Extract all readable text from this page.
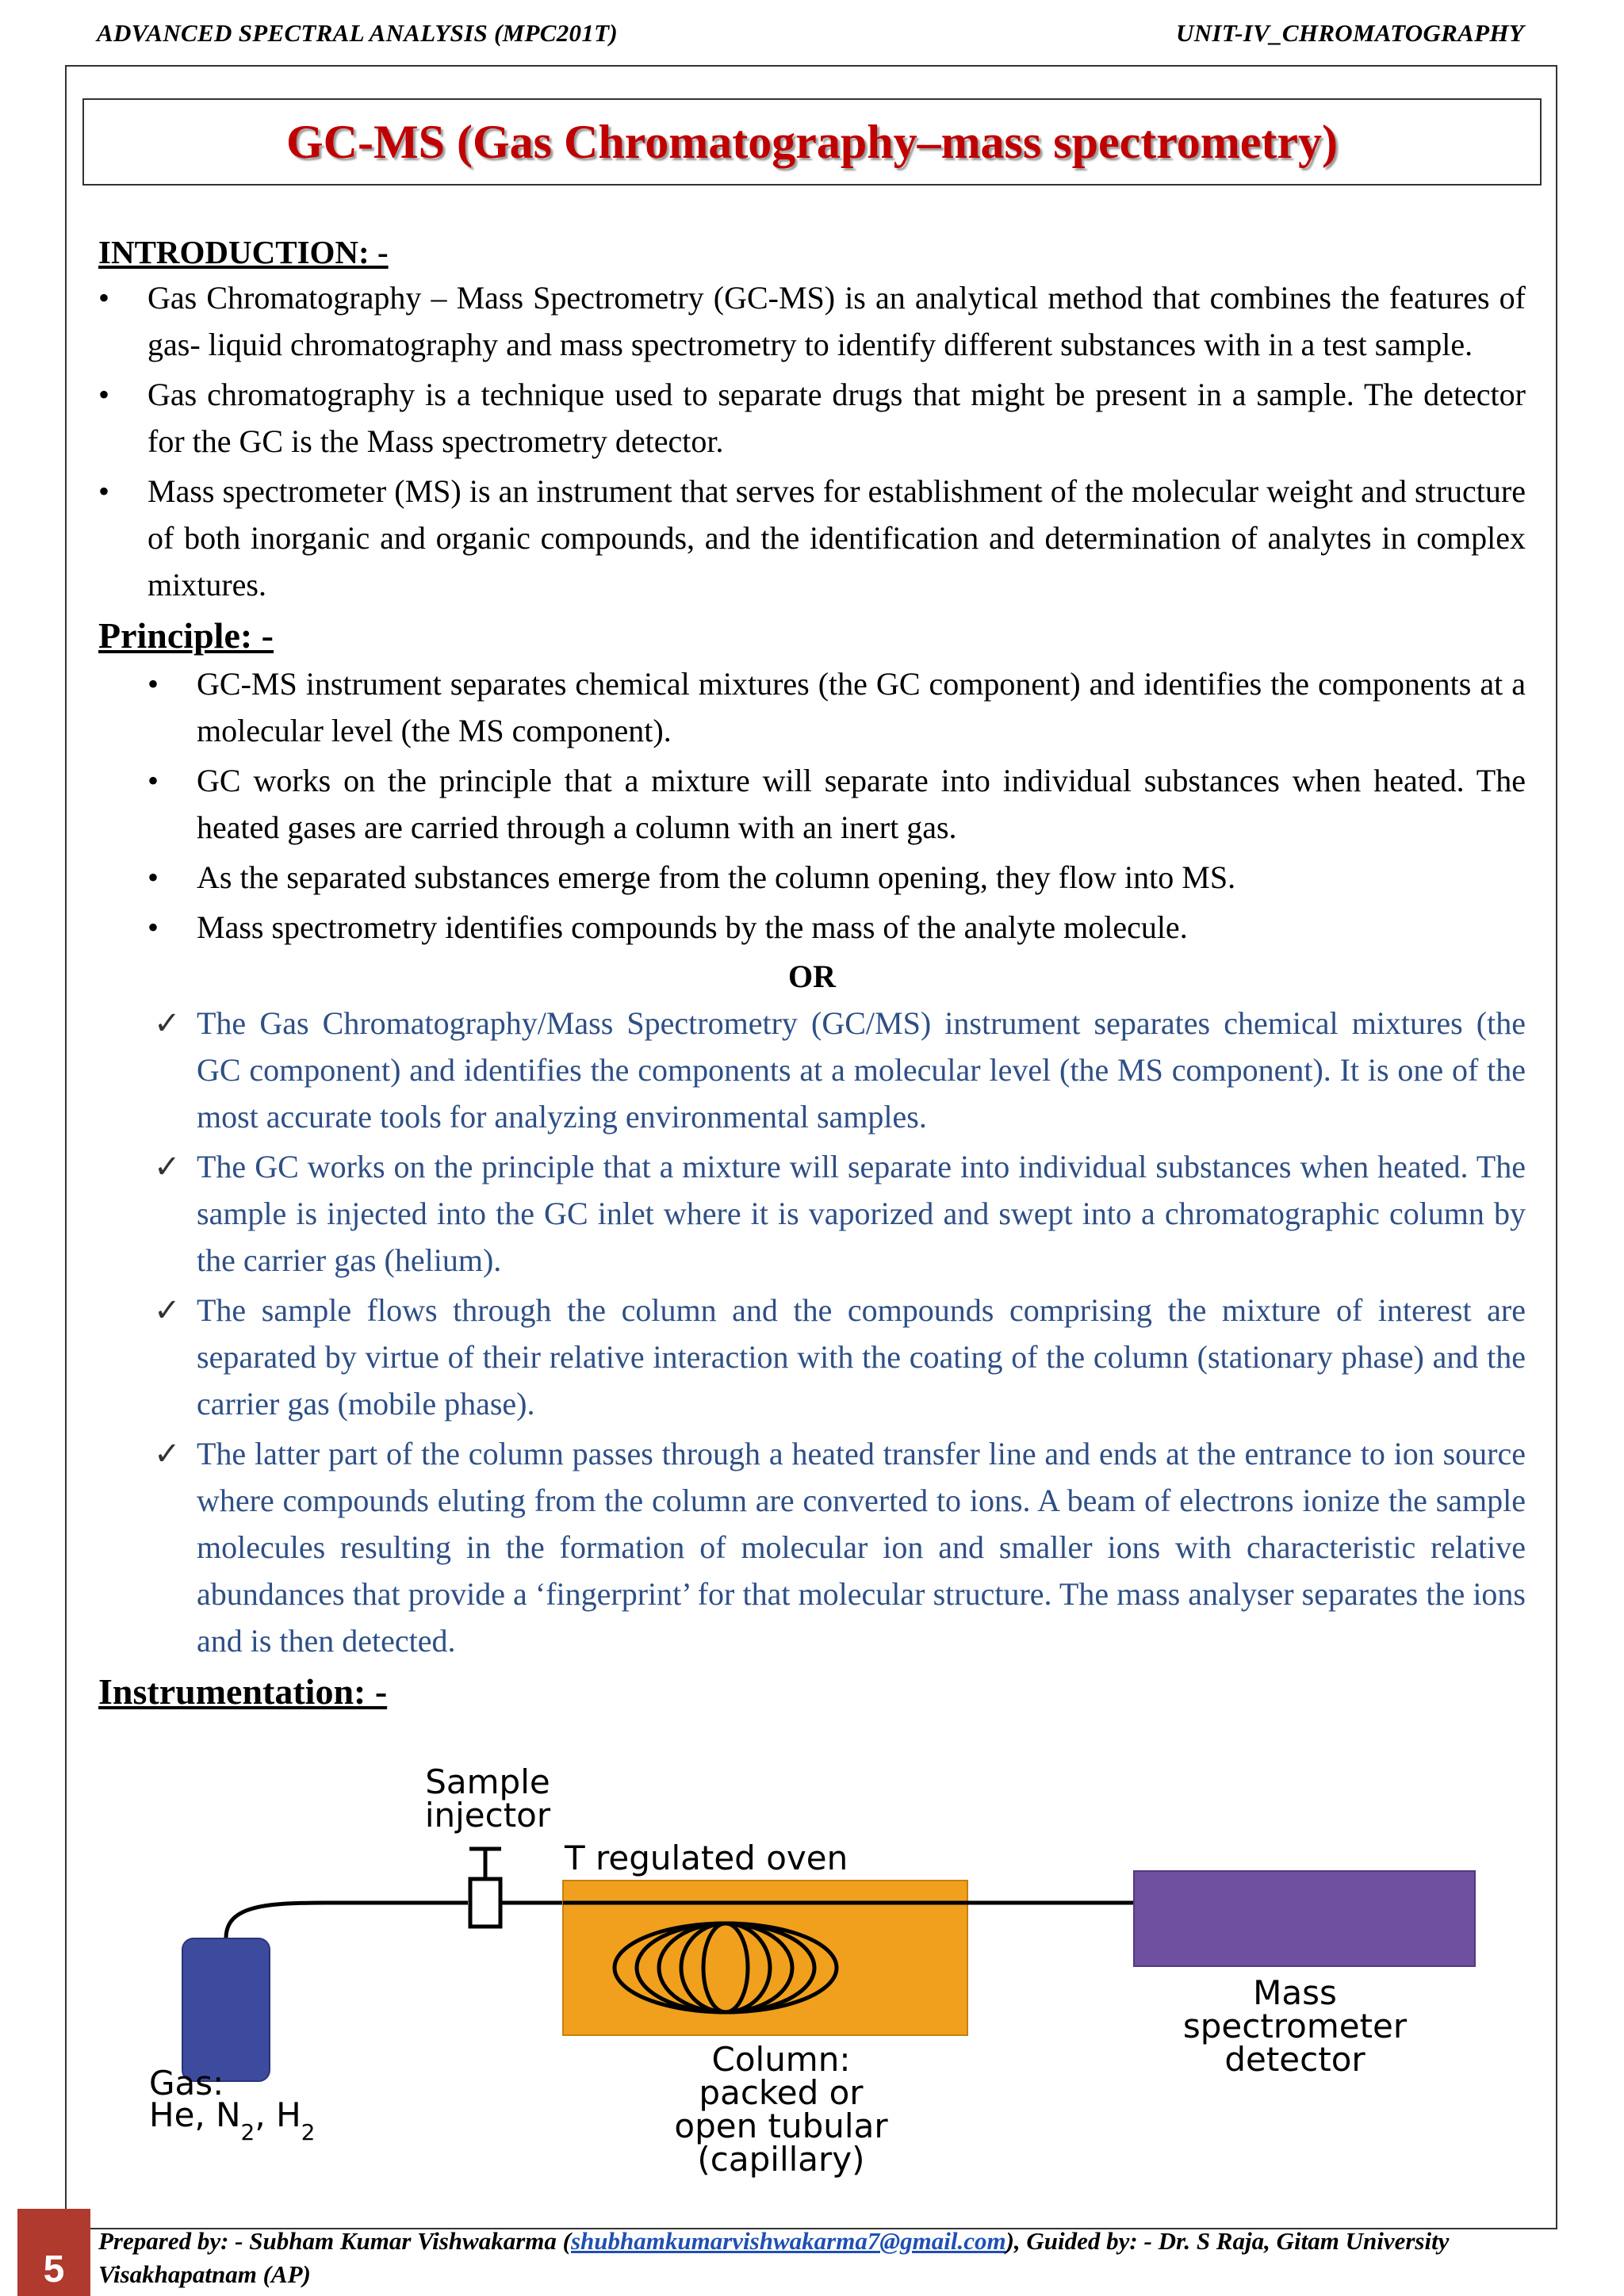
ADVANCED SPECTRAL ANALYSIS (MPC201T)	UNIT-IV_CHROMATOGRAPHY
GC-MS (Gas Chromatography–mass spectrometry)

INTRODUCTION: -

• Gas Chromatography – Mass Spectrometry (GC-MS) is an analytical method that combines the features of gas- liquid chromatography and mass spectrometry to identify different substances with in a test sample.
• Gas chromatography is a technique used to separate drugs that might be present in a sample. The detector for the GC is the Mass spectrometry detector.
• Mass spectrometer (MS) is an instrument that serves for establishment of the molecular weight and structure of both inorganic and organic compounds, and the identification and determination of analytes in complex mixtures.

Principle: -

• GC-MS instrument separates chemical mixtures (the GC component) and identifies the components at a molecular level (the MS component).
• GC works on the principle that a mixture will separate into individual substances when heated. The heated gases are carried through a column with an inert gas.
• As the separated substances emerge from the column opening, they flow into MS.
• Mass spectrometry identifies compounds by the mass of the analyte molecule.

OR

✓ The Gas Chromatography/Mass Spectrometry (GC/MS) instrument separates chemical mixtures (the GC component) and identifies the components at a molecular level (the MS component). It is one of the most accurate tools for analyzing environmental samples.
✓ The GC works on the principle that a mixture will separate into individual substances when heated. The sample is injected into the GC inlet where it is vaporized and swept into a chromatographic column by the carrier gas (helium).
✓ The sample flows through the column and the compounds comprising the mixture of interest are separated by virtue of their relative interaction with the coating of the column (stationary phase) and the carrier gas (mobile phase).
✓ The latter part of the column passes through a heated transfer line and ends at the entrance to ion source where compounds eluting from the column are converted to ions. A beam of electrons ionize the sample molecules resulting in the formation of molecular ion and smaller ions with characteristic relative abundances that provide a ‘fingerprint’ for that molecular structure. The mass analyser separates the ions and is then detected.

Instrumentation: -

Sample
injector
T regulated oven
Gas:
He, $N_2$, $H_2$
Column:
packed or
open tubular
(capillary)
Mass
spectrometer
detector
5
Prepared by: - Subham Kumar Vishwakarma (shubhamkumarvishwakarma7@gmail.com), Guided by: - Dr. S Raja, Gitam University Visakhapatnam (AP)
